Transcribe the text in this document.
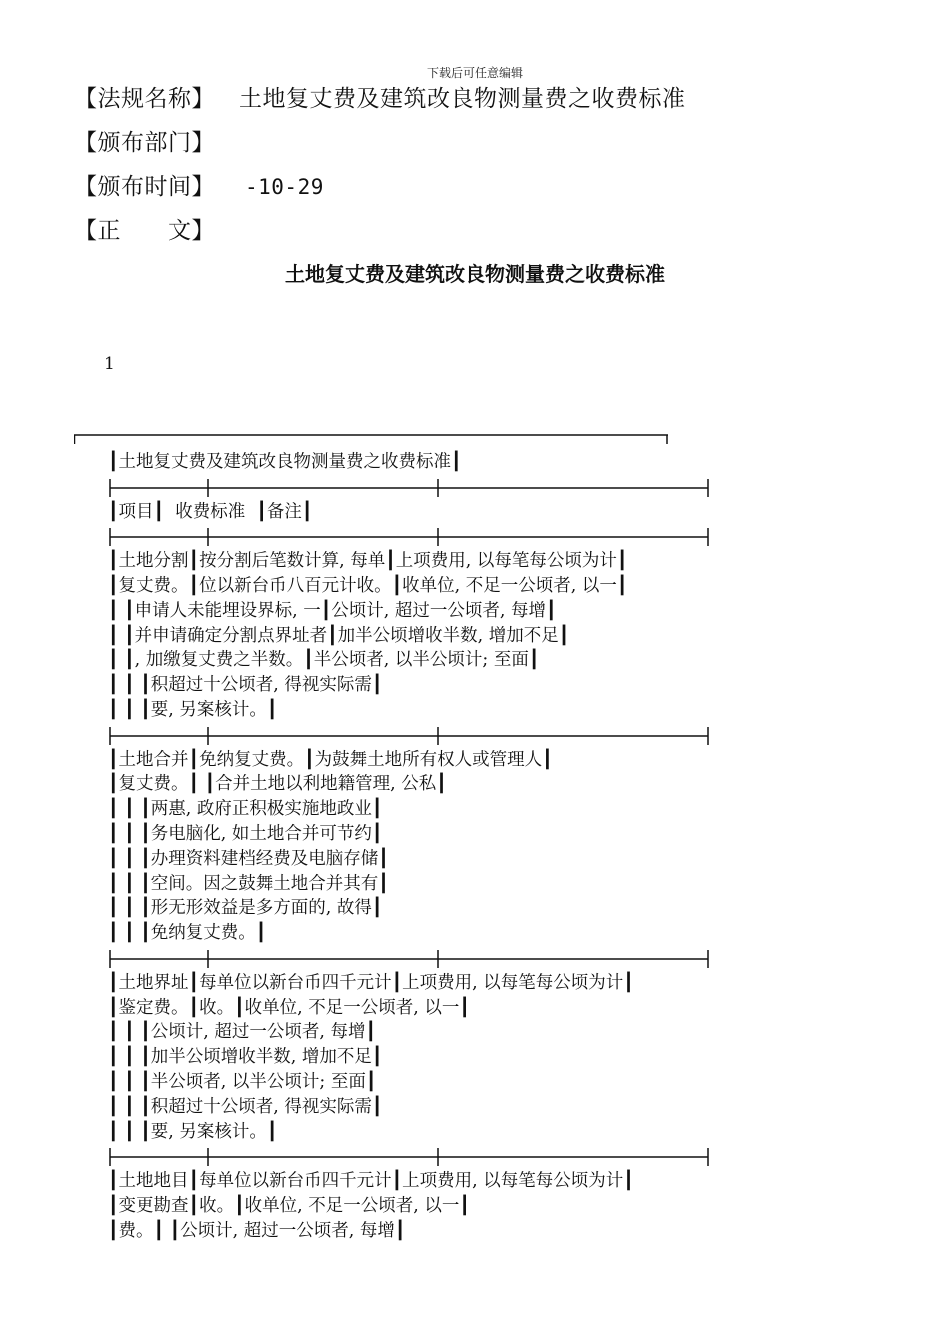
下载后可任意编辑
【法规名称】 土地复丈费及建筑改良物测量费之收费标准
【颁布部门】
【颁布时间】 -10-29
【正　　文】
土地复丈费及建筑改良物测量费之收费标准
1
┃土地复丈费及建筑改良物测量费之收费标准┃
┃项目┃  收费标准  ┃备注┃
┃土地分割┃按分割后笔数计算, 每单┃上项费用, 以每笔每公顷为计┃
┃复丈费。┃位以新台币八百元计收。┃收单位, 不足一公顷者, 以一┃
┃ ┃申请人未能埋设界标, 一┃公顷计, 超过一公顷者, 每增┃
┃ ┃并申请确定分割点界址者┃加半公顷增收半数, 增加不足┃
┃ ┃, 加缴复丈费之半数。┃半公顷者, 以半公顷计; 至面┃
┃ ┃ ┃积超过十公顷者, 得视实际需┃
┃ ┃ ┃要, 另案核计。┃
┃土地合并┃免纳复丈费。┃为鼓舞土地所有权人或管理人┃
┃复丈费。┃ ┃合并土地以利地籍管理, 公私┃
┃ ┃ ┃两惠, 政府正积极实施地政业┃
┃ ┃ ┃务电脑化, 如土地合并可节约┃
┃ ┃ ┃办理资料建档经费及电脑存储┃
┃ ┃ ┃空间。因之鼓舞土地合并其有┃
┃ ┃ ┃形无形效益是多方面的, 故得┃
┃ ┃ ┃免纳复丈费。┃
┃土地界址┃每单位以新台币四千元计┃上项费用, 以每笔每公顷为计┃
┃鉴定费。┃收。┃收单位, 不足一公顷者, 以一┃
┃ ┃ ┃公顷计, 超过一公顷者, 每增┃
┃ ┃ ┃加半公顷增收半数, 增加不足┃
┃ ┃ ┃半公顷者, 以半公顷计; 至面┃
┃ ┃ ┃积超过十公顷者, 得视实际需┃
┃ ┃ ┃要, 另案核计。┃
┃土地地目┃每单位以新台币四千元计┃上项费用, 以每笔每公顷为计┃
┃变更勘查┃收。┃收单位, 不足一公顷者, 以一┃
┃费。┃ ┃公顷计, 超过一公顷者, 每增┃
